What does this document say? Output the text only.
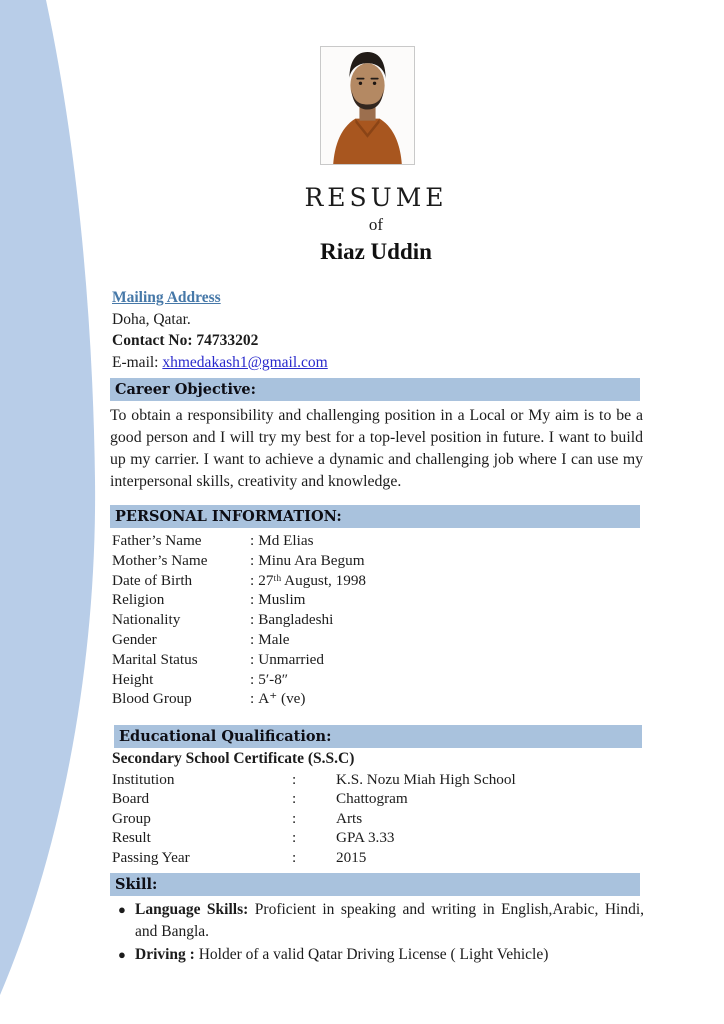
RESUME
of
Riaz Uddin
Mailing Address
Doha, Qatar.
Contact No: 74733202
E-mail: xhmedakash1@gmail.com
Career Objective:

To obtain a responsibility and challenging position in a Local or My aim is to be a good person and I will try my best for a top-level position in future. I want to build up my carrier. I want to achieve a dynamic and challenging job where I can use my interpersonal skills, creativity and knowledge.

PERSONAL INFORMATION:
Father’s Name	: Md Elias
Mother’s Name	: Minu Ara Begum
Date of Birth	: 27ᵗʰ August, 1998
Religion	: Muslim
Nationality	: Bangladeshi
Gender	: Male
Marital Status	: Unmarried
Height	: 5′-8″
Blood Group	: A⁺ (ve)
Educational Qualification:
Secondary School Certificate (S.S.C)
Institution	:	K.S. Nozu Miah High School
Board	:	Chattogram
Group	:	Arts
Result	:	GPA 3.33
Passing Year	:	2015
Skill:
● Language Skills: Proficient in speaking and writing in English,Arabic, Hindi, and Bangla.
● Driving : Holder of a valid Qatar Driving License ( Light Vehicle)
